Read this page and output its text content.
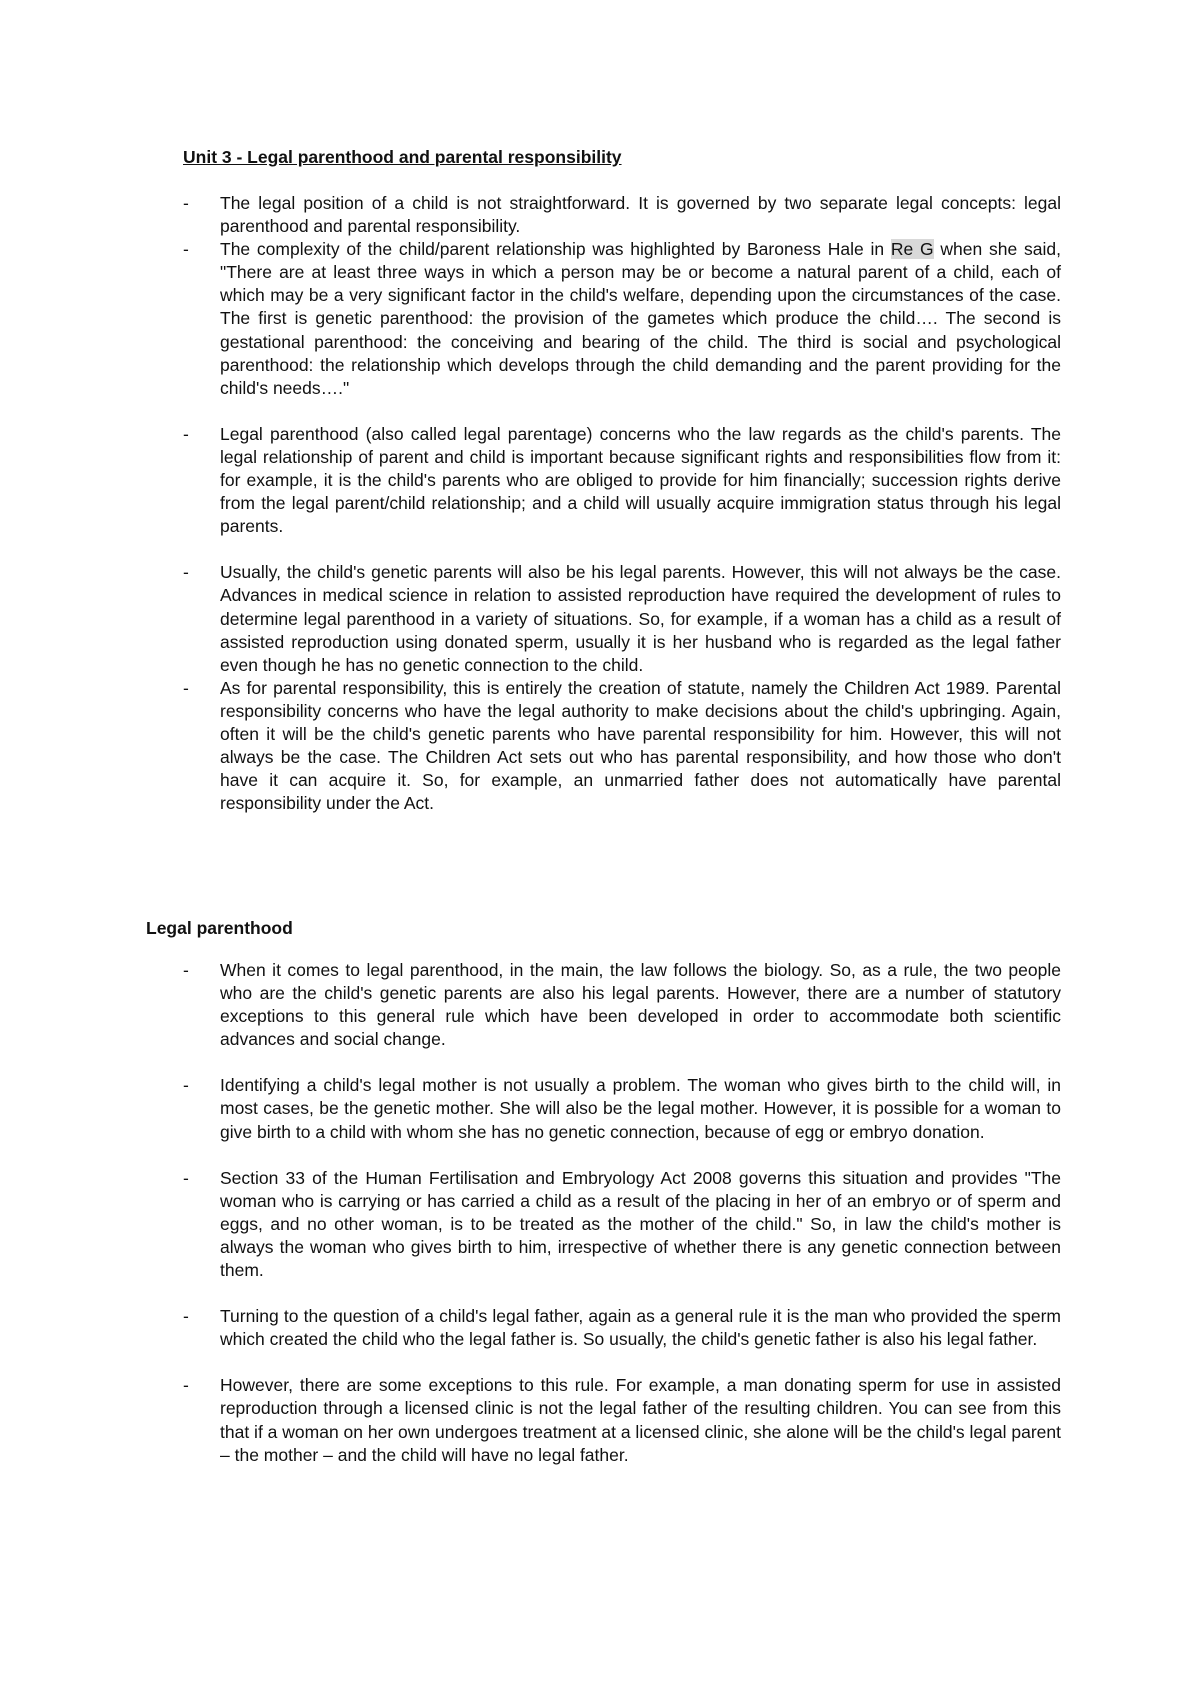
Unit 3 - Legal parenthood and parental responsibility
- The legal position of a child is not straightforward. It is governed by two separate legal concepts: legal parenthood and parental responsibility.
- The complexity of the child/parent relationship was highlighted by Baroness Hale in Re G when she said, "There are at least three ways in which a person may be or become a natural parent of a child, each of which may be a very significant factor in the child's welfare, depending upon the circumstances of the case. The first is genetic parenthood: the provision of the gametes which produce the child…. The second is gestational parenthood: the conceiving and bearing of the child. The third is social and psychological parenthood: the relationship which develops through the child demanding and the parent providing for the child's needs…."
- Legal parenthood (also called legal parentage) concerns who the law regards as the child's parents. The legal relationship of parent and child is important because significant rights and responsibilities flow from it: for example, it is the child's parents who are obliged to provide for him financially; succession rights derive from the legal parent/child relationship; and a child will usually acquire immigration status through his legal parents.
- Usually, the child's genetic parents will also be his legal parents. However, this will not always be the case. Advances in medical science in relation to assisted reproduction have required the development of rules to determine legal parenthood in a variety of situations. So, for example, if a woman has a child as a result of assisted reproduction using donated sperm, usually it is her husband who is regarded as the legal father even though he has no genetic connection to the child.
- As for parental responsibility, this is entirely the creation of statute, namely the Children Act 1989. Parental responsibility concerns who have the legal authority to make decisions about the child's upbringing. Again, often it will be the child's genetic parents who have parental responsibility for him. However, this will not always be the case. The Children Act sets out who has parental responsibility, and how those who don't have it can acquire it. So, for example, an unmarried father does not automatically have parental responsibility under the Act.
Legal parenthood
- When it comes to legal parenthood, in the main, the law follows the biology. So, as a rule, the two people who are the child's genetic parents are also his legal parents. However, there are a number of statutory exceptions to this general rule which have been developed in order to accommodate both scientific advances and social change.
- Identifying a child's legal mother is not usually a problem. The woman who gives birth to the child will, in most cases, be the genetic mother. She will also be the legal mother. However, it is possible for a woman to give birth to a child with whom she has no genetic connection, because of egg or embryo donation.
- Section 33 of the Human Fertilisation and Embryology Act 2008 governs this situation and provides "The woman who is carrying or has carried a child as a result of the placing in her of an embryo or of sperm and eggs, and no other woman, is to be treated as the mother of the child." So, in law the child's mother is always the woman who gives birth to him, irrespective of whether there is any genetic connection between them.
- Turning to the question of a child's legal father, again as a general rule it is the man who provided the sperm which created the child who the legal father is. So usually, the child's genetic father is also his legal father.
- However, there are some exceptions to this rule. For example, a man donating sperm for use in assisted reproduction through a licensed clinic is not the legal father of the resulting children. You can see from this that if a woman on her own undergoes treatment at a licensed clinic, she alone will be the child's legal parent – the mother – and the child will have no legal father.
